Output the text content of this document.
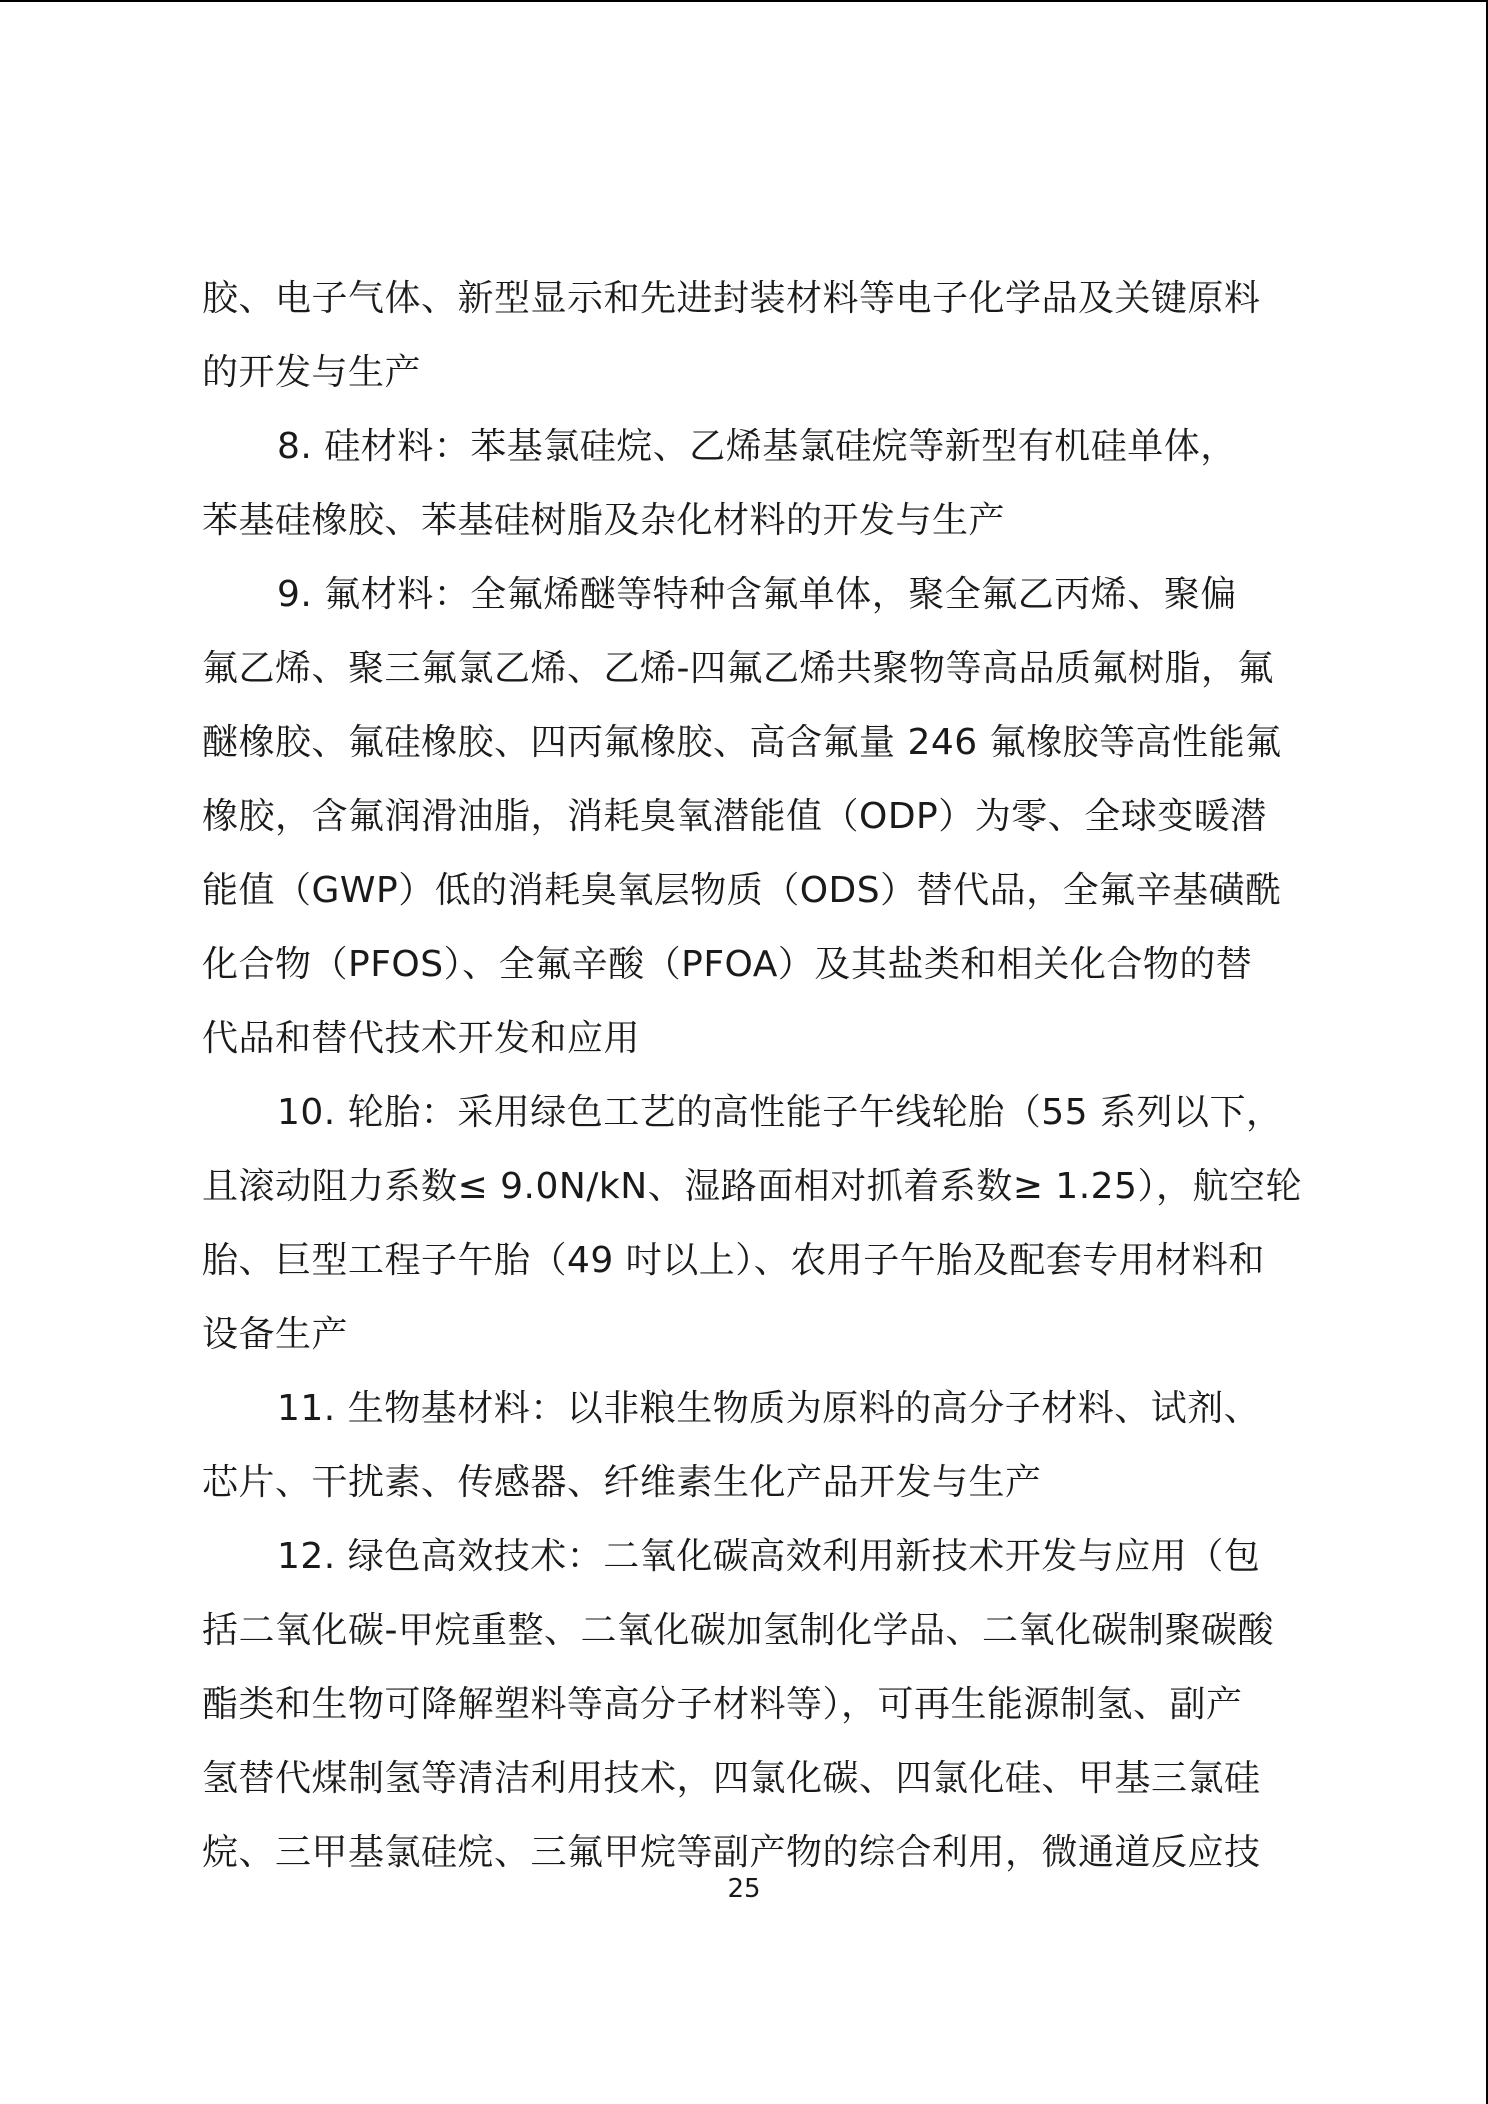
胶、电子气体、新型显示和先进封装材料等电子化学品及关键原料
的开发与生产
8. 硅材料：苯基氯硅烷、乙烯基氯硅烷等新型有机硅单体，
苯基硅橡胶、苯基硅树脂及杂化材料的开发与生产
9. 氟材料：全氟烯醚等特种含氟单体，聚全氟乙丙烯、聚偏
氟乙烯、聚三氟氯乙烯、乙烯-四氟乙烯共聚物等高品质氟树脂，氟
醚橡胶、氟硅橡胶、四丙氟橡胶、高含氟量 246 氟橡胶等高性能氟
橡胶，含氟润滑油脂，消耗臭氧潜能值（ODP）为零、全球变暖潜
能值（GWP）低的消耗臭氧层物质（ODS）替代品，全氟辛基磺酰
化合物（PFOS）、全氟辛酸（PFOA）及其盐类和相关化合物的替
代品和替代技术开发和应用
10. 轮胎：采用绿色工艺的高性能子午线轮胎（55 系列以下，
且滚动阻力系数≤ 9.0N/kN、湿路面相对抓着系数≥ 1.25），航空轮
胎、巨型工程子午胎（49 吋以上）、农用子午胎及配套专用材料和
设备生产
11. 生物基材料：以非粮生物质为原料的高分子材料、试剂、
芯片、干扰素、传感器、纤维素生化产品开发与生产
12. 绿色高效技术：二氧化碳高效利用新技术开发与应用（包
括二氧化碳-甲烷重整、二氧化碳加氢制化学品、二氧化碳制聚碳酸
酯类和生物可降解塑料等高分子材料等），可再生能源制氢、副产
氢替代煤制氢等清洁利用技术，四氯化碳、四氯化硅、甲基三氯硅
烷、三甲基氯硅烷、三氟甲烷等副产物的综合利用，微通道反应技
25
